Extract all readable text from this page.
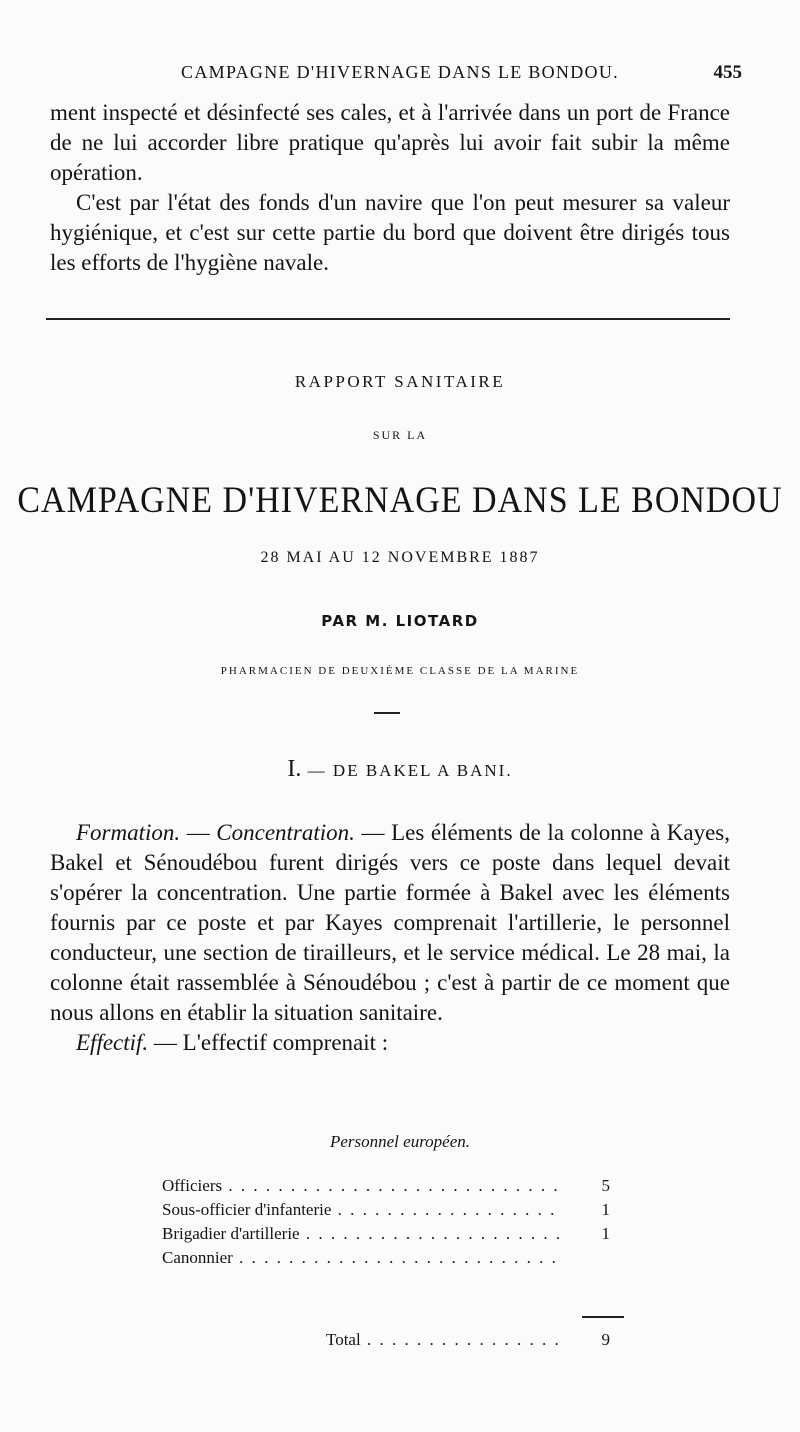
CAMPAGNE D'HIVERNAGE DANS LE BONDOU.	455

ment inspecté et désinfecté ses cales, et à l'arrivée dans un port de France de ne lui accorder libre pratique qu'après lui avoir fait subir la même opération.

C'est par l'état des fonds d'un navire que l'on peut mesurer sa valeur hygiénique, et c'est sur cette partie du bord que doivent être dirigés tous les efforts de l'hygiène navale.

RAPPORT SANITAIRE
SUR LA
CAMPAGNE D'HIVERNAGE DANS LE BONDOU
28 MAI AU 12 NOVEMBRE 1887
PAR M. LIOTARD
PHARMACIEN DE DEUXIÈME CLASSE DE LA MARINE
I. — DE BAKEL A BANI.

Formation. — Concentration. — Les éléments de la colonne à Kayes, Bakel et Sénoudébou furent dirigés vers ce poste dans lequel devait s'opérer la concentration. Une partie formée à Bakel avec les éléments fournis par ce poste et par Kayes comprenait l'artillerie, le personnel conducteur, une section de tirailleurs, et le service médical. Le 28 mai, la colonne était rassemblée à Sénoudébou ; c'est à partir de ce moment que nous allons en établir la situation sanitaire.

Effectif. — L'effectif comprenait :

Personnel européen.
Officiers . . .	5
Sous-officier d'infanterie . . .	1
Brigadier d'artillerie . . .	1
Canonnier . . .
Total . . .	9
